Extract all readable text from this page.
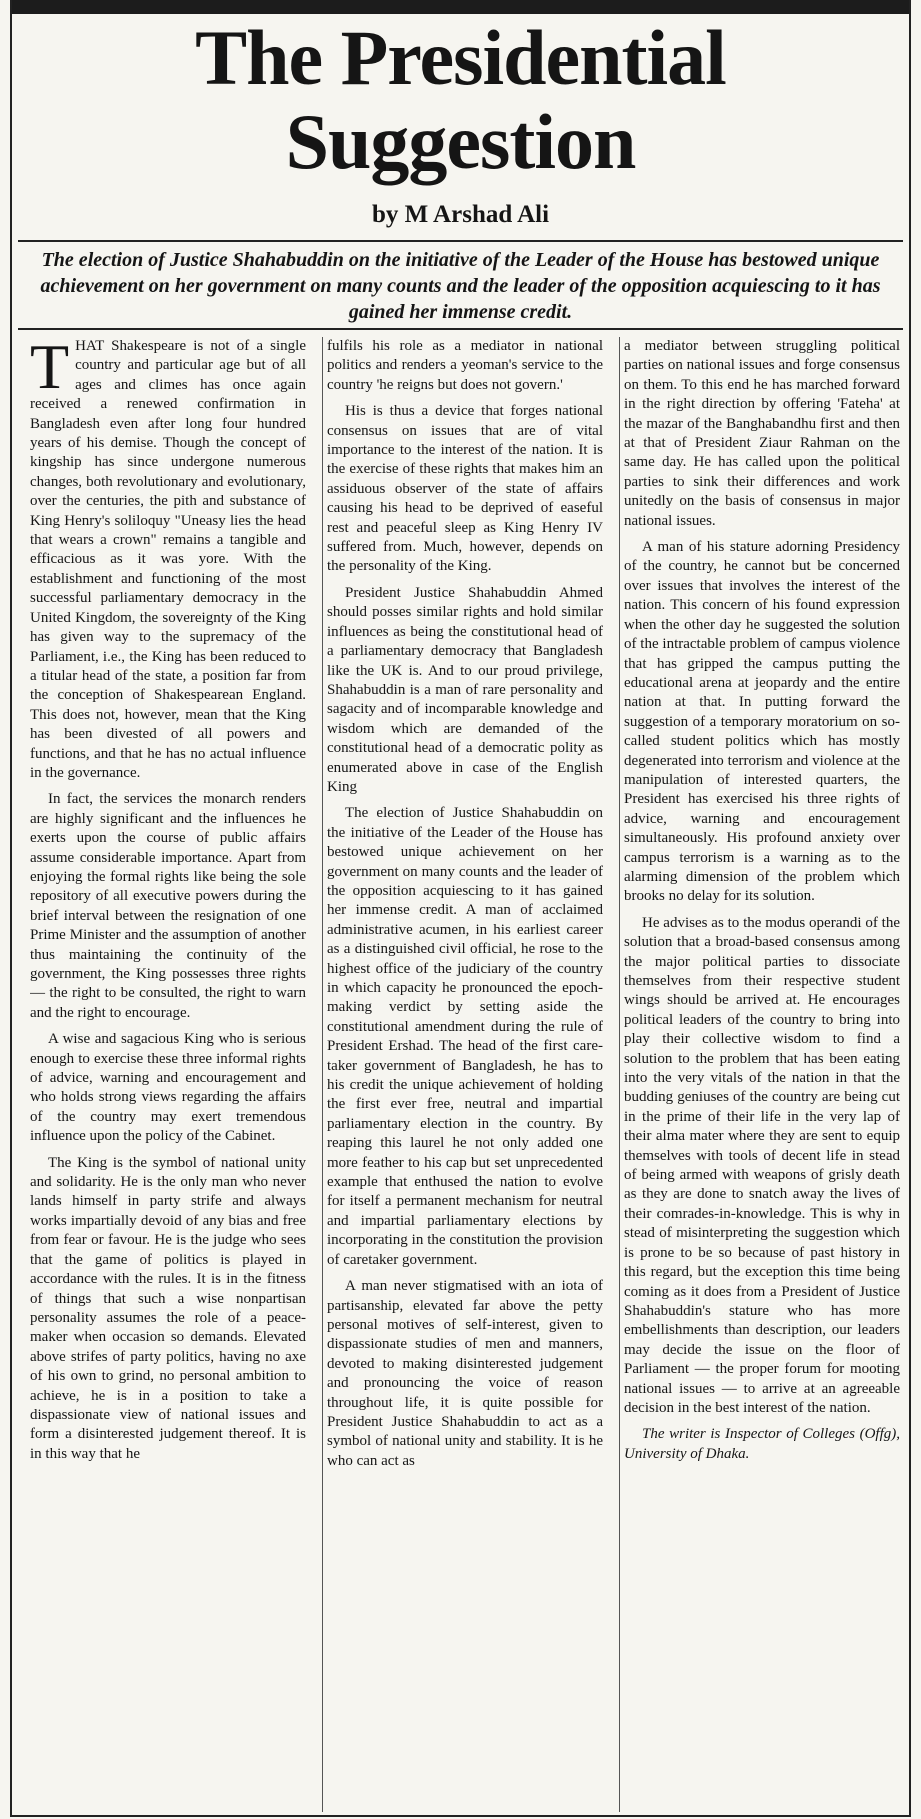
The Presidential
Suggestion
by M Arshad Ali
The election of Justice Shahabuddin on the initiative of the Leader of the House has bestowed unique achievement on her government on many counts and the leader of the opposition acquiescing to it has gained her immense credit.

THAT Shakespeare is not of a single country and particular age but of all ages and climes has once again received a renewed confirmation in Bangladesh even after long four hundred years of his demise. Though the concept of kingship has since undergone numerous changes, both revolutionary and evolutionary, over the centuries, the pith and substance of King Henry's soliloquy "Uneasy lies the head that wears a crown" remains a tangible and efficacious as it was yore. With the establishment and functioning of the most successful parliamentary democracy in the United Kingdom, the sovereignty of the King has given way to the supremacy of the Parliament, i.e., the King has been reduced to a titular head of the state, a position far from the conception of Shakespearean England. This does not, however, mean that the King has been divested of all powers and functions, and that he has no actual influence in the governance.

In fact, the services the monarch renders are highly significant and the influences he exerts upon the course of public affairs assume considerable importance. Apart from enjoying the formal rights like being the sole repository of all executive powers during the brief interval between the resignation of one Prime Minister and the assumption of another thus maintaining the continuity of the government, the King possesses three rights — the right to be consulted, the right to warn and the right to encourage.

A wise and sagacious King who is serious enough to exercise these three informal rights of advice, warning and encouragement and who holds strong views regarding the affairs of the country may exert tremendous influence upon the policy of the Cabinet.

The King is the symbol of national unity and solidarity. He is the only man who never lands himself in party strife and always works impartially devoid of any bias and free from fear or favour. He is the judge who sees that the game of politics is played in accordance with the rules. It is in the fitness of things that such a wise nonpartisan personality assumes the role of a peace-maker when occasion so demands. Elevated above strifes of party politics, having no axe of his own to grind, no personal ambition to achieve, he is in a position to take a dispassionate view of national issues and form a disinterested judgement thereof. It is in this way that he

fulfils his role as a mediator in national politics and renders a yeoman's service to the country 'he reigns but does not govern.'

His is thus a device that forges national consensus on issues that are of vital importance to the interest of the nation. It is the exercise of these rights that makes him an assiduous observer of the state of affairs causing his head to be deprived of easeful rest and peaceful sleep as King Henry IV suffered from. Much, however, depends on the personality of the King.

President Justice Shahabuddin Ahmed should posses similar rights and hold similar influences as being the constitutional head of a parliamentary democracy that Bangladesh like the UK is. And to our proud privilege, Shahabuddin is a man of rare personality and sagacity and of incomparable knowledge and wisdom which are demanded of the constitutional head of a democratic polity as enumerated above in case of the English King

The election of Justice Shahabuddin on the initiative of the Leader of the House has bestowed unique achievement on her government on many counts and the leader of the opposition acquiescing to it has gained her immense credit. A man of acclaimed administrative acumen, in his earliest career as a distinguished civil official, he rose to the highest office of the judiciary of the country in which capacity he pronounced the epoch-making verdict by setting aside the constitutional amendment during the rule of President Ershad. The head of the first care-taker government of Bangladesh, he has to his credit the unique achievement of holding the first ever free, neutral and impartial parliamentary election in the country. By reaping this laurel he not only added one more feather to his cap but set unprecedented example that enthused the nation to evolve for itself a permanent mechanism for neutral and impartial parliamentary elections by incorporating in the constitution the provision of caretaker government.

A man never stigmatised with an iota of partisanship, elevated far above the petty personal motives of self-interest, given to dispassionate studies of men and manners, devoted to making disinterested judgement and pronouncing the voice of reason throughout life, it is quite possible for President Justice Shahabuddin to act as a symbol of national unity and stability. It is he who can act as

a mediator between struggling political parties on national issues and forge consensus on them. To this end he has marched forward in the right direction by offering 'Fateha' at the mazar of the Banghabandhu first and then at that of President Ziaur Rahman on the same day. He has called upon the political parties to sink their differences and work unitedly on the basis of consensus in major national issues.

A man of his stature adorning Presidency of the country, he cannot but be concerned over issues that involves the interest of the nation. This concern of his found expression when the other day he suggested the solution of the intractable problem of campus violence that has gripped the campus putting the educational arena at jeopardy and the entire nation at that. In putting forward the suggestion of a temporary moratorium on so-called student politics which has mostly degenerated into terrorism and violence at the manipulation of interested quarters, the President has exercised his three rights of advice, warning and encouragement simultaneously. His profound anxiety over campus terrorism is a warning as to the alarming dimension of the problem which brooks no delay for its solution.

He advises as to the modus operandi of the solution that a broad-based consensus among the major political parties to dissociate themselves from their respective student wings should be arrived at. He encourages political leaders of the country to bring into play their collective wisdom to find a solution to the problem that has been eating into the very vitals of the nation in that the budding geniuses of the country are being cut in the prime of their life in the very lap of their alma mater where they are sent to equip themselves with tools of decent life in stead of being armed with weapons of grisly death as they are done to snatch away the lives of their comrades-in-knowledge. This is why in stead of misinterpreting the suggestion which is prone to be so because of past history in this regard, but the exception this time being coming as it does from a President of Justice Shahabuddin's stature who has more embellishments than description, our leaders may decide the issue on the floor of Parliament — the proper forum for mooting national issues — to arrive at an agreeable decision in the best interest of the nation.

The writer is Inspector of Colleges (Offg), University of Dhaka.
